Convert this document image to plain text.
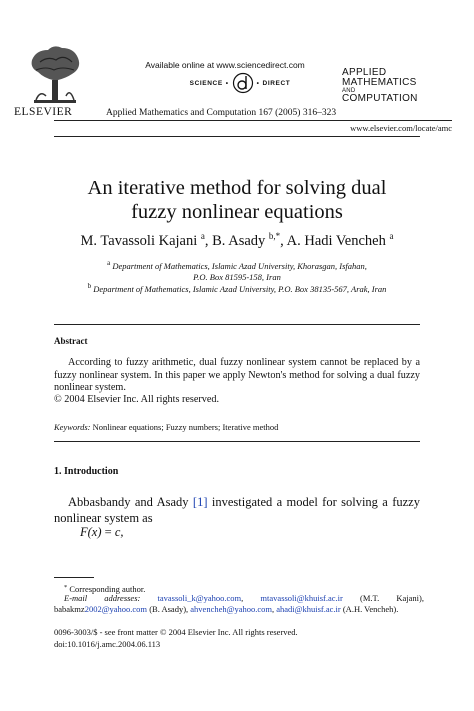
ELSEVIER
Available online at www.sciencedirect.com
SCIENCE •	• DIRECT
Applied Mathematics and Computation 167 (2005) 316–323
APPLIED
MATHEMATICS
AND
COMPUTATION
www.elsevier.com/locate/amc
An iterative method for solving dual
fuzzy nonlinear equations
M. Tavassoli Kajani $^a$, B. Asady $^{b,*}$, A. Hadi Vencheh $^a$
$^a$ Department of Mathematics, Islamic Azad University, Khorasgan, Isfahan,
P.O. Box 81595-158, Iran
$^b$ Department of Mathematics, Islamic Azad University, P.O. Box 38135-567, Arak, Iran
Abstract
According to fuzzy arithmetic, dual fuzzy nonlinear system cannot be replaced by a fuzzy nonlinear system. In this paper we apply Newton's method for solving a dual fuzzy nonlinear system.
© 2004 Elsevier Inc. All rights reserved.
Keywords: Nonlinear equations; Fuzzy numbers; Iterative method
1. Introduction
Abbasbandy and Asady [1] investigated a model for solving a fuzzy nonlinear system as
F(x) = c,
* Corresponding author.
E-mail addresses: tavassoli_k@yahoo.com, mtavassoli@khuisf.ac.ir (M.T. Kajani), babakmz2002@yahoo.com (B. Asady), ahvencheh@yahoo.com, ahadi@khuisf.ac.ir (A.H. Vencheh).
0096-3003/$ - see front matter © 2004 Elsevier Inc. All rights reserved.
doi:10.1016/j.amc.2004.06.113
